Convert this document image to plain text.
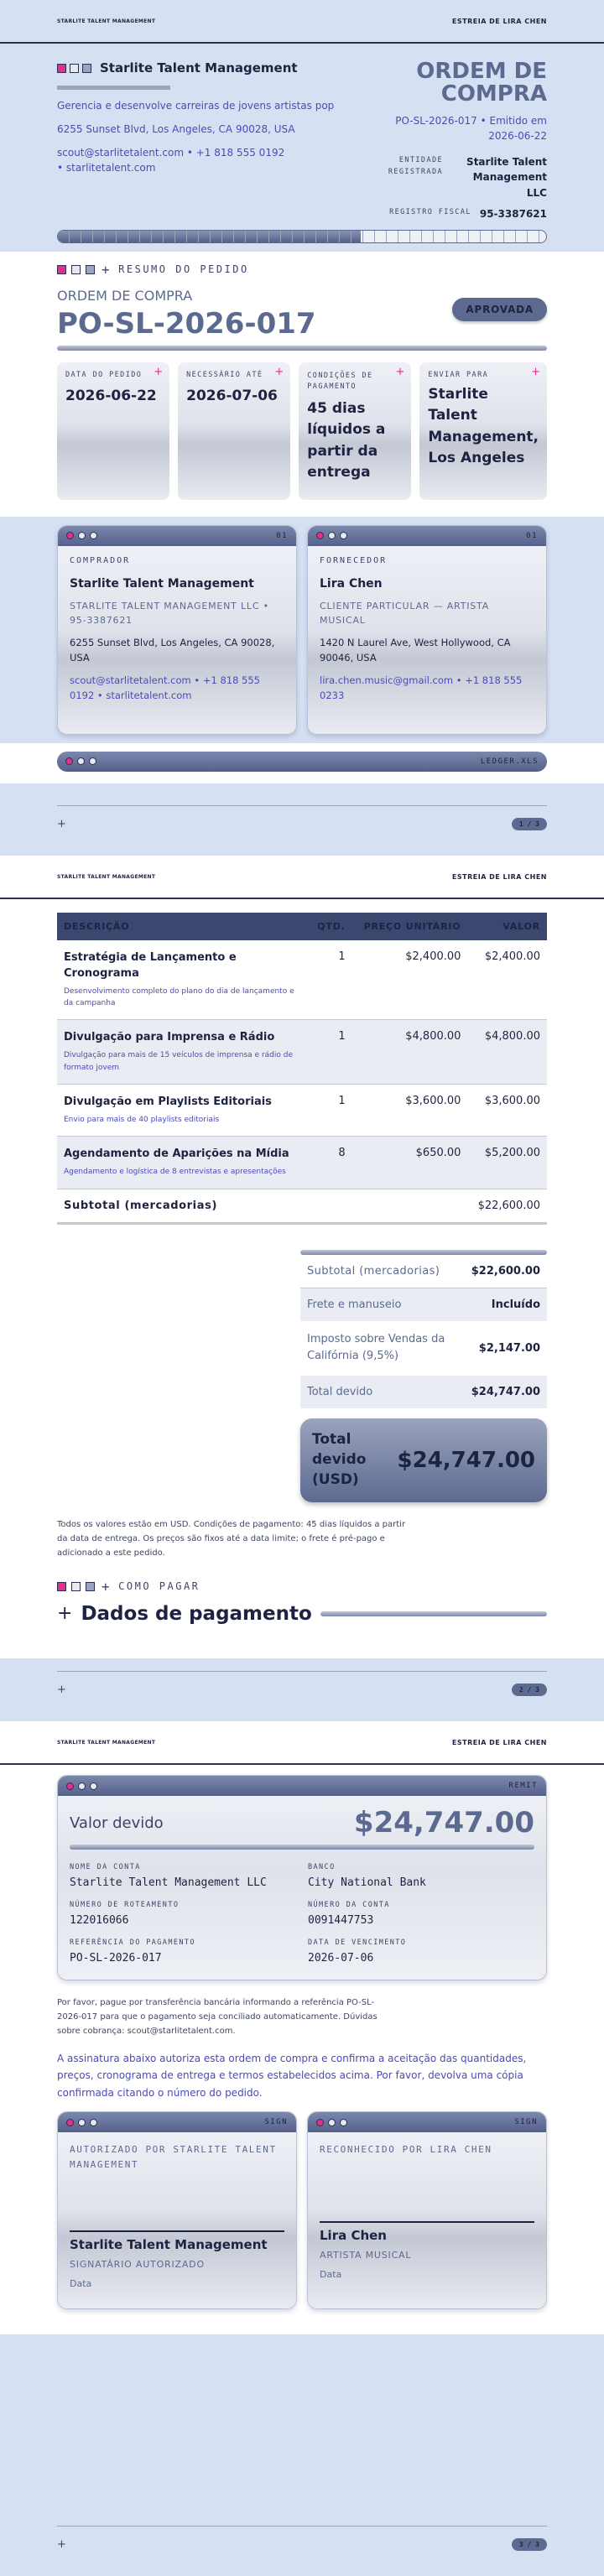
STARLITE TALENT MANAGEMENT	ESTREIA DE LIRA CHEN
Starlite Talent Management
Gerencia e desenvolve carreiras de jovens artistas pop
6255 Sunset Blvd, Los Angeles, CA 90028, USA
scout@starlitetalent.com • +1 818 555 0192
• starlitetalent.com
ORDEM DE COMPRA
PO-SL-2026-017 • Emitido em 2026-06-22
ENTIDADE REGISTRADA
Starlite Talent Management LLC
REGISTRO FISCAL 95-3387621
+ RESUMO DO PEDIDO
ORDEM DE COMPRA
PO-SL-2026-017	APROVADA
+
DATA DO PEDIDO
2026-06-22
+
NECESSÁRIO ATÉ
2026-07-06
+
CONDIÇÕES DE PAGAMENTO
45 dias líquidos a partir da entrega
+
ENVIAR PARA
Starlite Talent Management, Los Angeles
01
COMPRADOR
Starlite Talent Management
STARLITE TALENT MANAGEMENT LLC • 95-3387621
6255 Sunset Blvd, Los Angeles, CA 90028, USA
scout@starlitetalent.com • +1 818 555 0192 • starlitetalent.com
01
FORNECEDOR
Lira Chen
CLIENTE PARTICULAR — ARTISTA MUSICAL
1420 N Laurel Ave, West Hollywood, CA 90046, USA
lira.chen.music@gmail.com • +1 818 555 0233
LEDGER.XLS
+	1 / 3
STARLITE TALENT MANAGEMENT	ESTREIA DE LIRA CHEN
DESCRIÇÃO	QTD.	PREÇO UNITÁRIO	VALOR

Estratégia de Lançamento e Cronograma
Desenvolvimento completo do plano do dia de lançamento e da campanha	1	$2,400.00	$2,400.00

Divulgação para Imprensa e Rádio
Divulgação para mais de 15 veículos de imprensa e rádio de formato jovem	1	$4,800.00	$4,800.00

Divulgação em Playlists Editoriais
Envio para mais de 40 playlists editoriais	1	$3,600.00	$3,600.00

Agendamento de Aparições na Mídia
Agendamento e logística de 8 entrevistas e apresentações	8	$650.00	$5,200.00
Subtotal (mercadorias)			$22,600.00
Subtotal (mercadorias)	$22,600.00
Frete e manuseio	Incluído
Imposto sobre Vendas da Califórnia (9,5%)	$2,147.00
Total devido	$24,747.00
Total devido (USD)
$24,747.00
Todos os valores estão em USD. Condições de pagamento: 45 dias líquidos a partir da data de entrega. Os preços são fixos até a data limite; o frete é pré-pago e adicionado a este pedido.
+ COMO PAGAR
+ Dados de pagamento
+	2 / 3
STARLITE TALENT MANAGEMENT	ESTREIA DE LIRA CHEN
REMIT
Valor devido	$24,747.00
NOME DA CONTA
Starlite Talent Management LLC
BANCO
City National Bank
NÚMERO DE ROTEAMENTO
122016066
NÚMERO DA CONTA
0091447753
REFERÊNCIA DO PAGAMENTO
PO-SL-2026-017
DATA DE VENCIMENTO
2026-07-06
Por favor, pague por transferência bancária informando a referência PO-SL-2026-017 para que o pagamento seja conciliado automaticamente. Dúvidas sobre cobrança: scout@starlitetalent.com.
A assinatura abaixo autoriza esta ordem de compra e confirma a aceitação das quantidades, preços, cronograma de entrega e termos estabelecidos acima. Por favor, devolva uma cópia confirmada citando o número do pedido.
SIGN
AUTORIZADO POR STARLITE TALENT MANAGEMENT
Starlite Talent Management
SIGNATÁRIO AUTORIZADO
Data
SIGN
RECONHECIDO POR LIRA CHEN
Lira Chen
ARTISTA MUSICAL
Data
+	3 / 3
